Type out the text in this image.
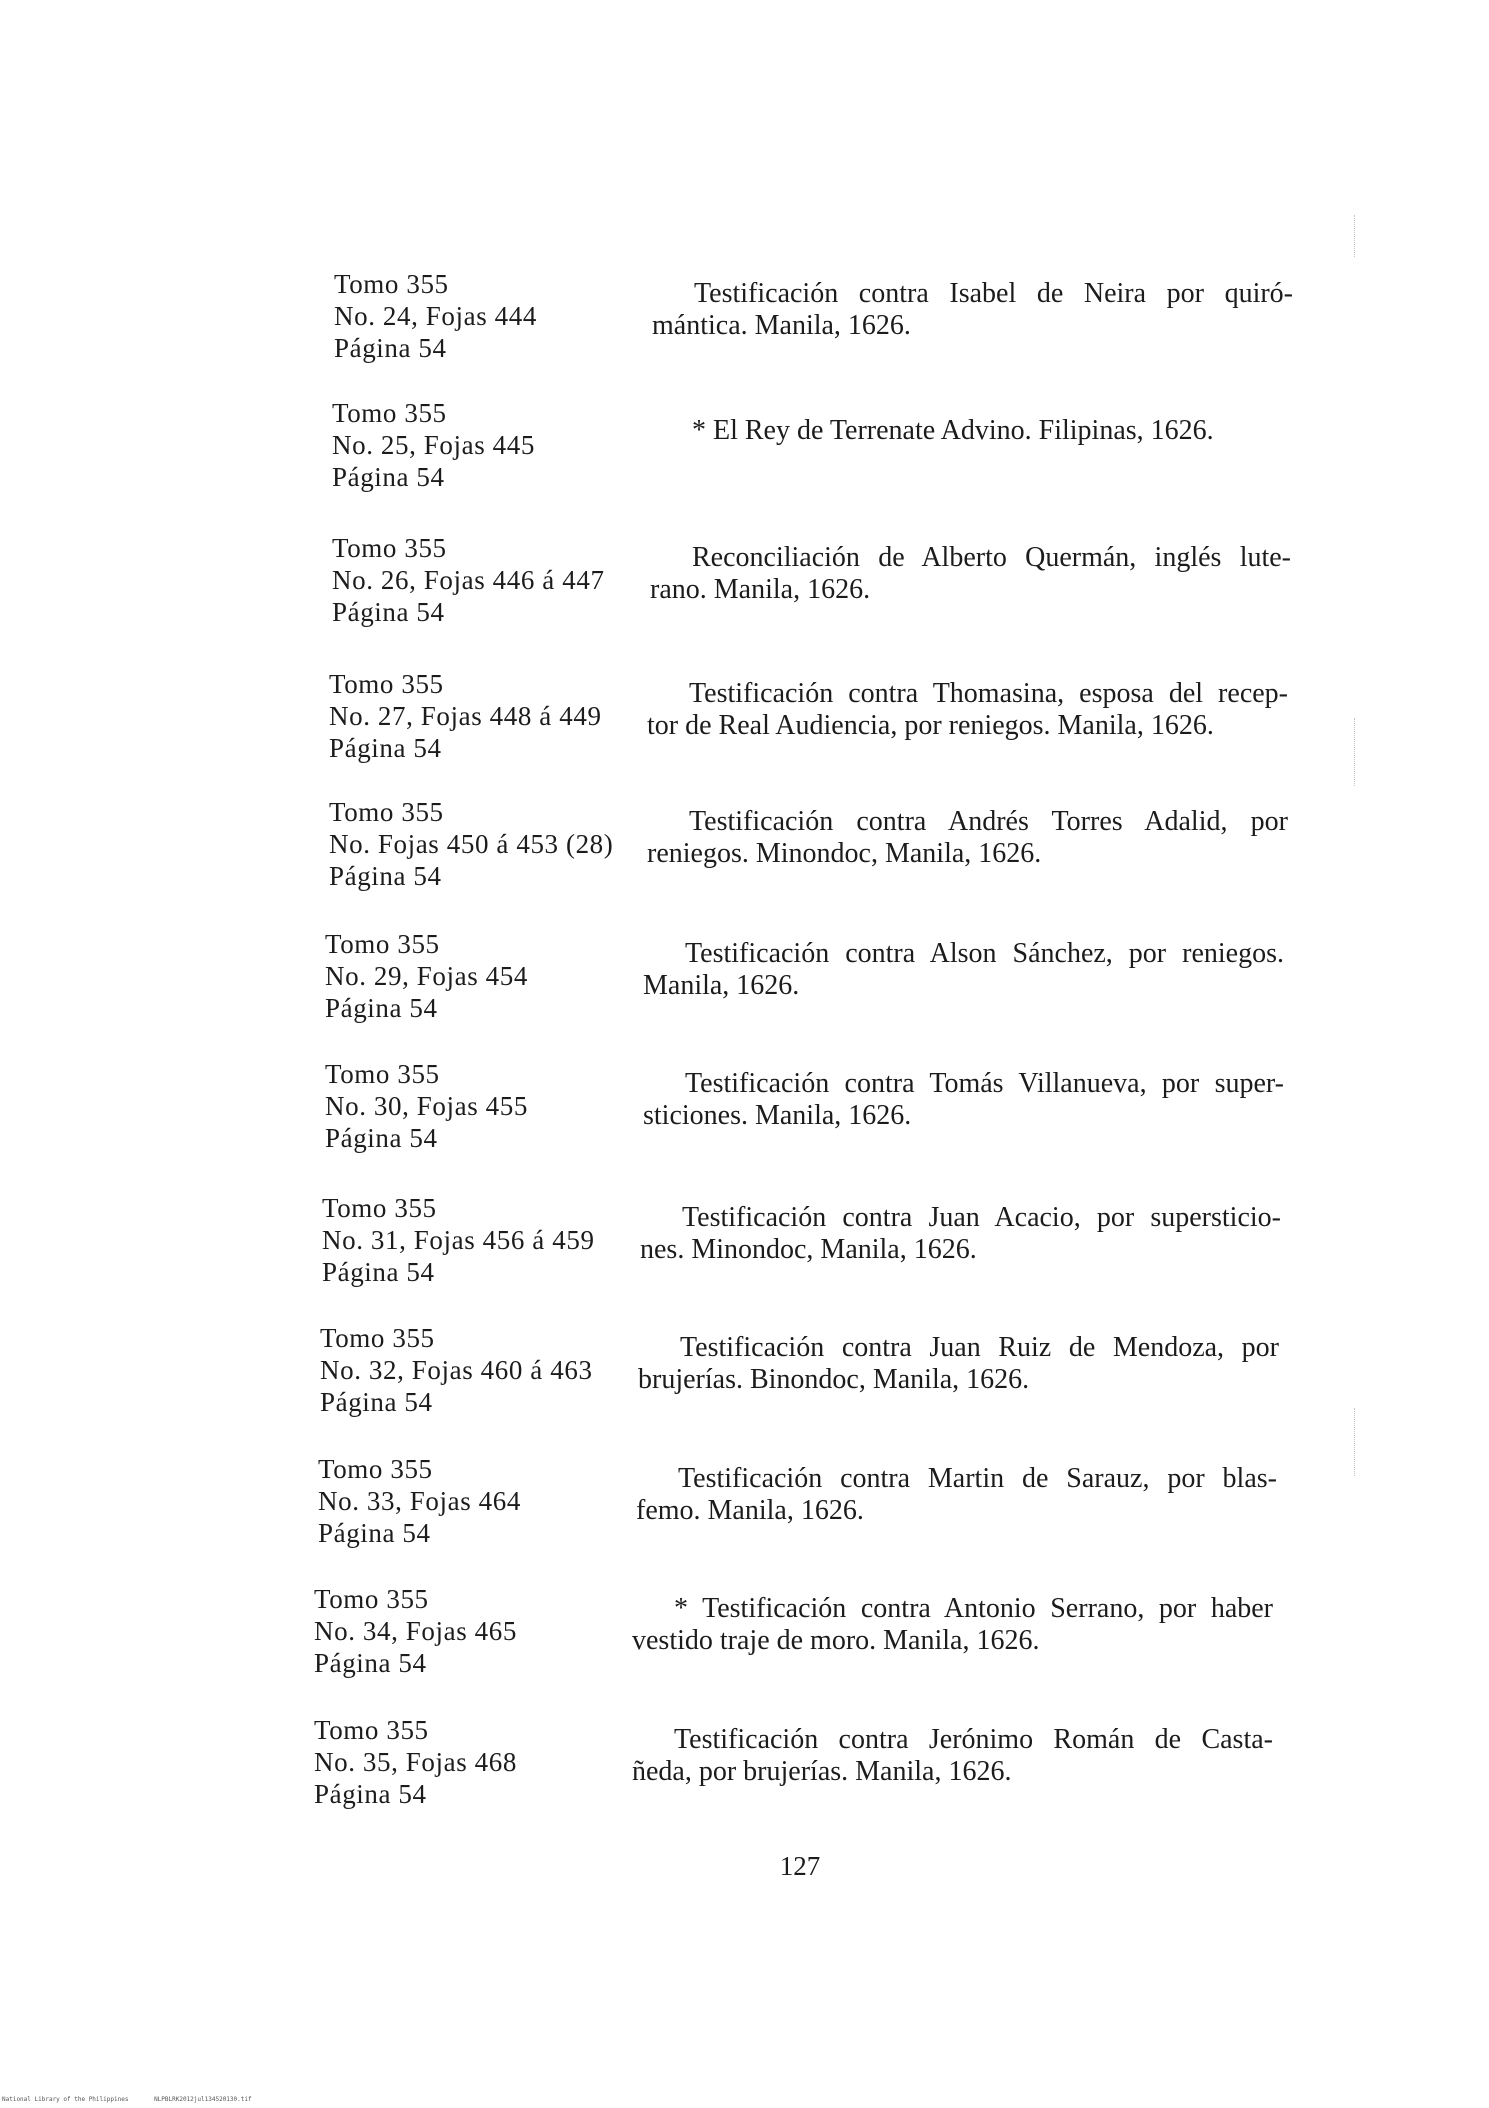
Tomo 355
No. 24, Fojas 444
Página 54
Testificación contra Isabel de Neira por quiró-
mántica. Manila, 1626.
Tomo 355
No. 25, Fojas 445
Página 54
* El Rey de Terrenate Advino. Filipinas, 1626.
Tomo 355
No. 26, Fojas 446 á 447
Página 54
Reconciliación de Alberto Quermán, inglés lute-
rano. Manila, 1626.
Tomo 355
No. 27, Fojas 448 á 449
Página 54
Testificación contra Thomasina, esposa del recep-
tor de Real Audiencia, por reniegos. Manila, 1626.
Tomo 355
No. Fojas 450 á 453 (28)
Página 54
Testificación contra Andrés Torres Adalid, por
reniegos. Minondoc, Manila, 1626.
Tomo 355
No. 29, Fojas 454
Página 54
Testificación contra Alson Sánchez, por reniegos.
Manila, 1626.
Tomo 355
No. 30, Fojas 455
Página 54
Testificación contra Tomás Villanueva, por super-
sticiones. Manila, 1626.
Tomo 355
No. 31, Fojas 456 á 459
Página 54
Testificación contra Juan Acacio, por supersticio-
nes. Minondoc, Manila, 1626.
Tomo 355
No. 32, Fojas 460 á 463
Página 54
Testificación contra Juan Ruiz de Mendoza, por
brujerías. Binondoc, Manila, 1626.
Tomo 355
No. 33, Fojas 464
Página 54
Testificación contra Martin de Sarauz, por blas-
femo. Manila, 1626.
Tomo 355
No. 34, Fojas 465
Página 54
* Testificación contra Antonio Serrano, por haber
vestido traje de moro. Manila, 1626.
Tomo 355
No. 35, Fojas 468
Página 54
Testificación contra Jerónimo Román de Casta-
ñeda, por brujerías. Manila, 1626.
127
National Library of the Philippines	NLPBLRK2012jul134520130.tif
